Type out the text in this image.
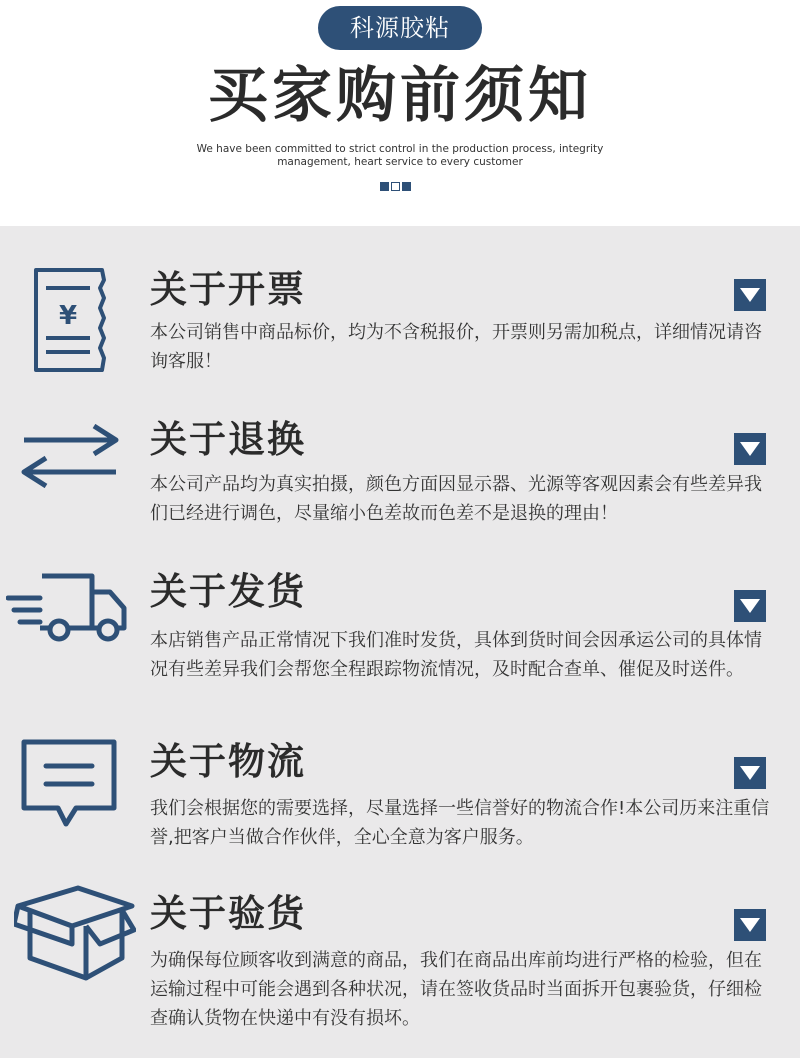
科源胶粘
买家购前须知
We have been committed to strict control in the production process, integrity
management, heart service to every customer
¥
关于开票
本公司销售中商品标价，均为不含税报价，开票则另需加税点，详细情况请咨询客服！
关于退换
本公司产品均为真实拍摄，颜色方面因显示器、光源等客观因素会有些差异我们已经进行调色，尽量缩小色差故而色差不是退换的理由！
关于发货
本店销售产品正常情况下我们准时发货，具体到货时间会因承运公司的具体情况有些差异我们会帮您全程跟踪物流情况，及时配合查单、催促及时送件。
关于物流
我们会根据您的需要选择，尽量选择一些信誉好的物流合作!本公司历来注重信誉,把客户当做合作伙伴，全心全意为客户服务。
关于验货
为确保每位顾客收到满意的商品，我们在商品出库前均进行严格的检验，但在运输过程中可能会遇到各种状况，请在签收货品时当面拆开包裹验货，仔细检查确认货物在快递中有没有损坏。
